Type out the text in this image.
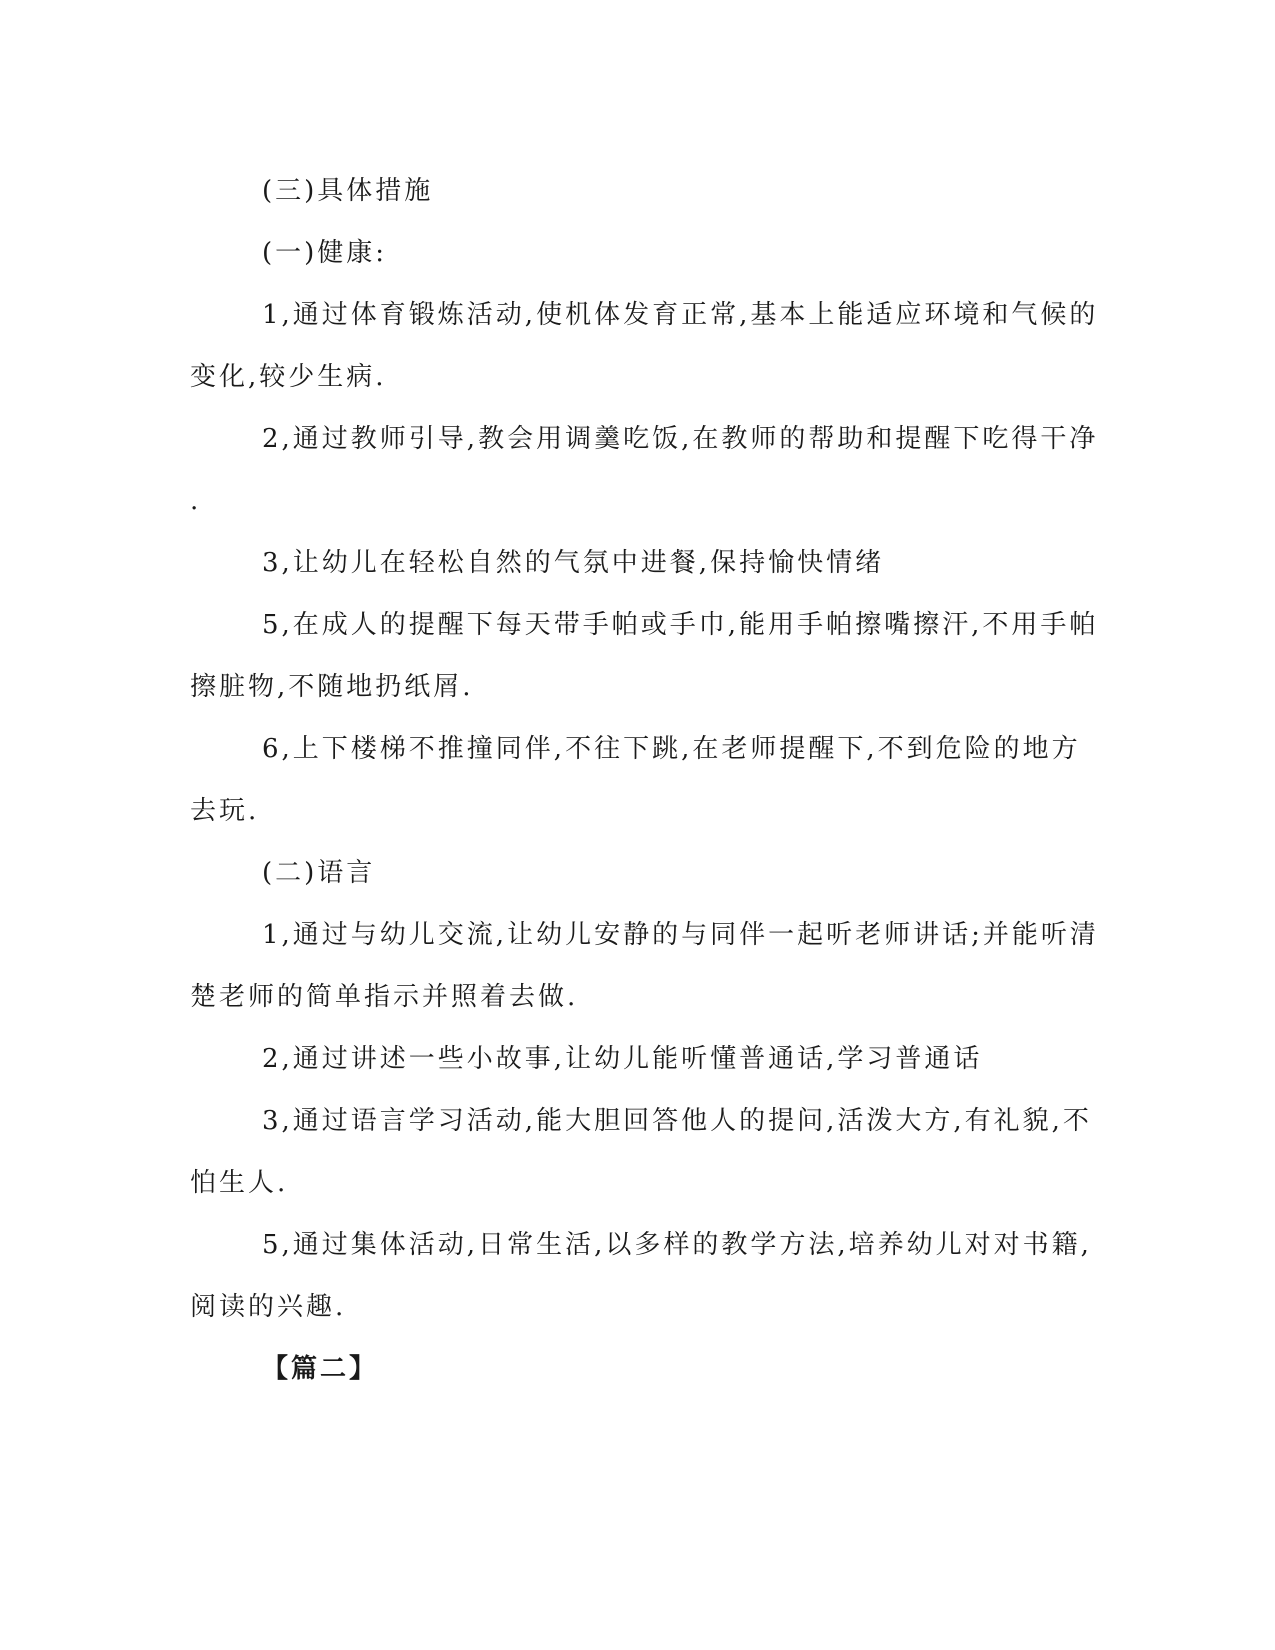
(三)具体措施
(一)健康:
1,通过体育锻炼活动,使机体发育正常,基本上能适应环境和气候的
变化,较少生病.
2,通过教师引导,教会用调羹吃饭,在教师的帮助和提醒下吃得干净
.
3,让幼儿在轻松自然的气氛中进餐,保持愉快情绪
5,在成人的提醒下每天带手帕或手巾,能用手帕擦嘴擦汗,不用手帕
擦脏物,不随地扔纸屑.
6,上下楼梯不推撞同伴,不往下跳,在老师提醒下,不到危险的地方
去玩.
(二)语言
1,通过与幼儿交流,让幼儿安静的与同伴一起听老师讲话;并能听清
楚老师的简单指示并照着去做.
2,通过讲述一些小故事,让幼儿能听懂普通话,学习普通话
3,通过语言学习活动,能大胆回答他人的提问,活泼大方,有礼貌,不
怕生人.
5,通过集体活动,日常生活,以多样的教学方法,培养幼儿对对书籍,
阅读的兴趣.
【篇二】
